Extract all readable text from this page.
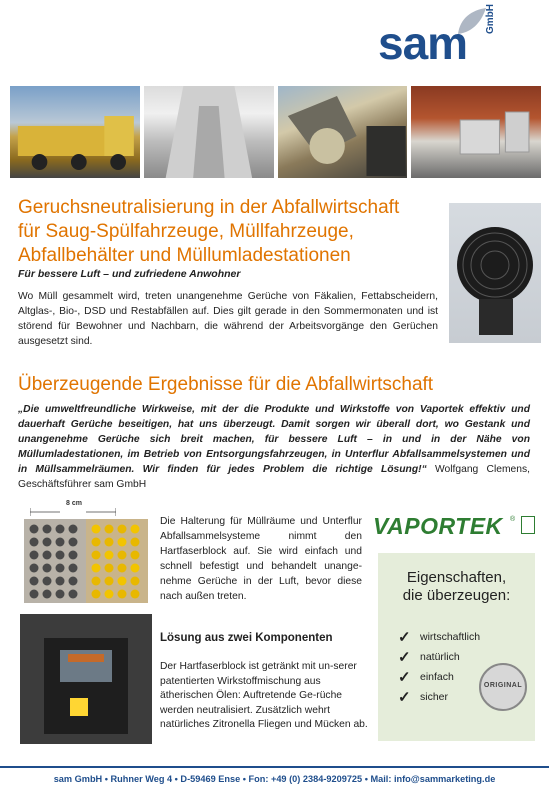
sam GmbH
Geruchsneutralisierung in der Abfallwirtschaft
für Saug-Spülfahrzeuge, Müllfahrzeuge,
Abfallbehälter und Müllumladestationen
Für bessere Luft – und zufriedene Anwohner

Wo Müll gesammelt wird, treten unangenehme Gerüche von Fäkalien, Fettabscheidern, Altglas-, Bio-, DSD und Restabfällen auf. Dies gilt gerade in den Sommermonaten und ist störend für Bewohner und Nachbarn, die während der Arbeitsvorgänge den Gerüchen ausgesetzt sind.

Überzeugende Ergebnisse für die Abfallwirtschaft

„Die umweltfreundliche Wirkweise, mit der die Produkte und Wirkstoffe von Vaportek effektiv und dauerhaft Gerüche beseitigen, hat uns überzeugt. Damit sorgen wir überall dort, wo Gestank und unangenehme Gerüche sich breit machen, für bessere Luft – in und in der Nähe von Müllumladestationen, im Betrieb von Entsorgungsfahrzeugen, in Unterflur Abfallsammelsystemen und in Müllsammelräumen. Wir finden für jedes Problem die richtige Lösung!“ Wolfgang Clemens, Geschäftsführer sam GmbH

8 cm

Die Halterung für Müllräume und Unterflur Abfallsammelsysteme nimmt den Hartfaserblock auf. Sie wird einfach und schnell befestigt und behandelt unange-nehme Gerüche in der Luft, bevor diese nach außen treten.

Lösung aus zwei Komponenten

Der Hartfaserblock ist getränkt mit un-serer patentierten Wirkstoffmischung aus ätherischen Ölen: Auftretende Ge-rüche werden neutralisiert. Zusätzlich wehrt natürliches Zitronella Fliegen und Mücken ab.

VAPORTEK ®
Eigenschaften,
die überzeugen:
✓ wirtschaftlich
✓ natürlich
✓ einfach
✓ sicher
ORIGINAL
sam GmbH • Ruhner Weg 4 • D-59469 Ense • Fon: +49 (0) 2384-9209725 • Mail: info@sammarketing.de
